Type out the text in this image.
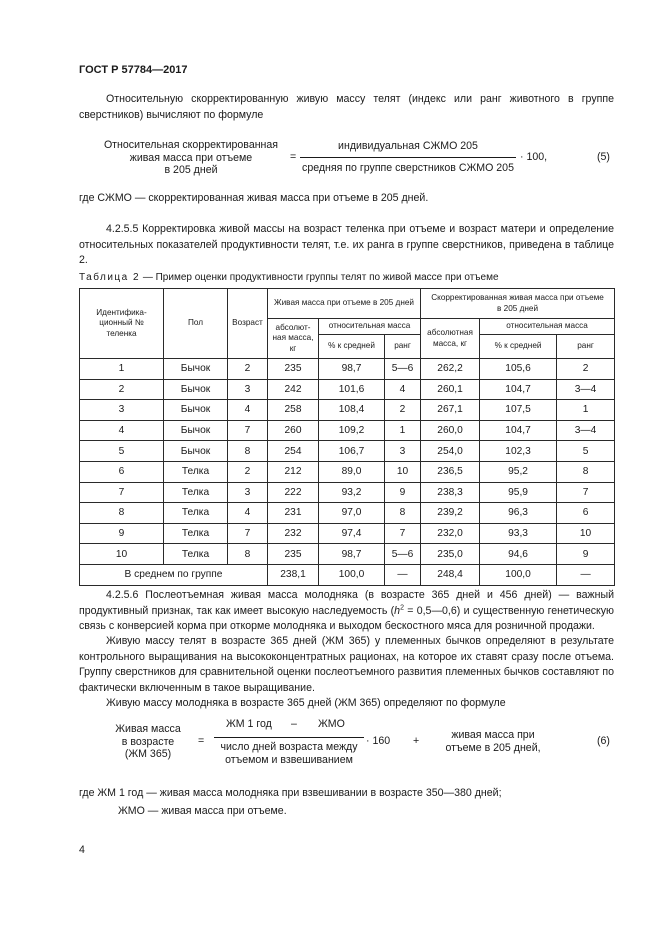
ГОСТ Р 57784—2017

Относительную скорректированную живую массу телят (индекс или ранг животного в группе сверстников) вычисляют по формуле

Относительная скорректированная
живая масса при отъеме
в 205 дней
=
индивидуальная СЖМО 205
средняя по группе сверстников СЖМО 205
· 100,	(5)

где СЖМО — скорректированная живая масса при отъеме в 205 дней.

4.2.5.5 Корректировка живой массы на возраст теленка при отъеме и возраст матери и определение относительных показателей продуктивности телят, т.е. их ранга в группе сверстников, приведена в таблице 2.

Таблица 2 — Пример оценки продуктивности группы телят по живой массе при отъеме
Идентифика-ционный № теленка	Пол	Возраст	Живая масса при отъеме в 205 дней			Скорректированная живая масса при отъеме в 205 дней		
			абсолют-ная масса, кг	относительная масса		абсолютная масса, кг	относительная масса	
				% к средней	ранг		% к средней	ранг
1	Бычок	2	235	98,7	5—6	262,2	105,6	2
2	Бычок	3	242	101,6	4	260,1	104,7	3—4
3	Бычок	4	258	108,4	2	267,1	107,5	1
4	Бычок	7	260	109,2	1	260,0	104,7	3—4
5	Бычок	8	254	106,7	3	254,0	102,3	5
6	Телка	2	212	89,0	10	236,5	95,2	8
7	Телка	3	222	93,2	9	238,3	95,9	7
8	Телка	4	231	97,0	8	239,2	96,3	6
9	Телка	7	232	97,4	7	232,0	93,3	10
10	Телка	8	235	98,7	5—6	235,0	94,6	9
В среднем по группе			238,1	100,0	—	248,4	100,0	—

4.2.5.6 Послеотъемная живая масса молодняка (в возрасте 365 дней и 456 дней) — важный продуктивный признак, так как имеет высокую наследуемость ($h^2$ = 0,5—0,6) и существенную генетическую связь с конверсией корма при откорме молодняка и выходом бескостного мяса для розничной продажи.

Живую массу телят в возрасте 365 дней (ЖМ 365) у племенных бычков определяют в результате контрольного выращивания на высококонцентратных рационах, на которое их ставят сразу после отъема. Группу сверстников для сравнительной оценки послеотъемного развития племенных бычков составляют по фактически включенным в такое выращивание.

Живую массу молодняка в возрасте 365 дней (ЖМ 365) определяют по формуле

Живая масса
в возрасте
(ЖМ 365)
=
ЖМ 1 год – ЖМО
число дней возраста между
отъемом и взвешиванием
· 160 +	живая масса при
отъеме в 205 дней,
(6)

где ЖМ 1 год — живая масса молодняка при взвешивании в возрасте 350—380 дней;

ЖМО — живая масса при отъеме.

4
